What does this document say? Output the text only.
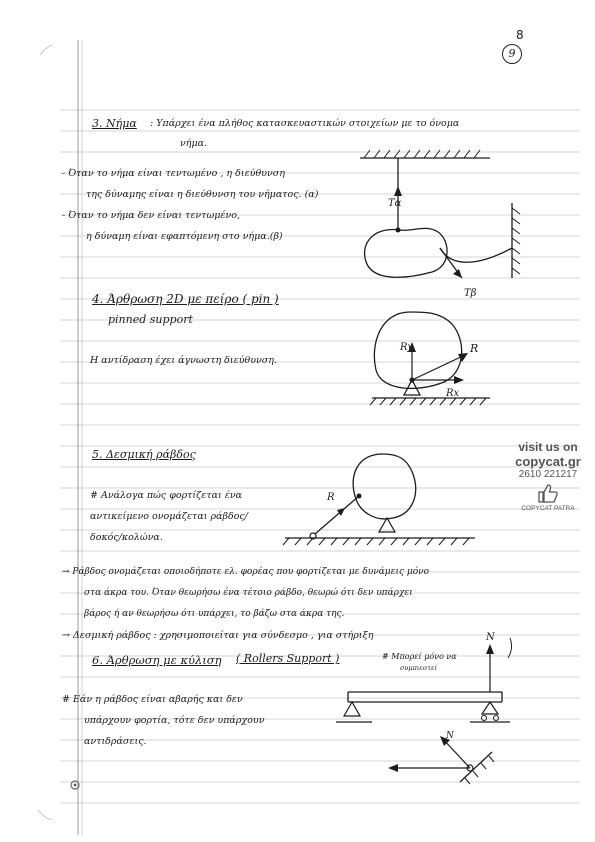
8
9
3. Νήμα : Υπάρχει ένα πλήθος κατασκευαστικών στοιχείων με το όνομα
νήμα.
- Όταν το νήμα είναι τεντωμένο , η διεύθυνση
της δύναμης είναι η διεύθυνση του νήματος. (α)
- Όταν το νήμα δεν είναι τεντωμένο,
η δύναμη είναι εφαπτόμενη στο νήμα.(β)
Tα
Tβ
4. Άρθρωση 2D με πείρο ( pin )
pinned support
Η αντίδραση έχει άγνωστη διεύθυνση.
R
Ry
Rx
5. Δεσμική ράβδος
# Ανάλογα πώς φορτίζεται ένα
αντικείμενο ονομάζεται ράβδος/
δοκός/κολώνα.
R
visit us on
copycat.gr
2610 221217
COPYCAT PATRA
→ Ράβδος ονομάζεται οποιοδήποτε ελ. φορέας που φορτίζεται με δυνάμεις μόνο
στα άκρα του. Όταν θεωρήσω ένα τέτοιο ράβδο, θεωρώ ότι δεν υπάρχει
βάρος ή αν θεωρήσω ότι υπάρχει, το βάζω στα άκρα της.
→ Δεσμική ράβδος : χρησιμοποιείται για σύνδεσμο , για στήριξη
6. Άρθρωση με κύλιση ( Rollers Support )	# Μπορεί μόνο να
συμπιεστεί
# Εάν η ράβδος είναι αβαρής και δεν
υπάρχουν φορτία, τότε δεν υπάρχουν
αντιδράσεις.
N
N
